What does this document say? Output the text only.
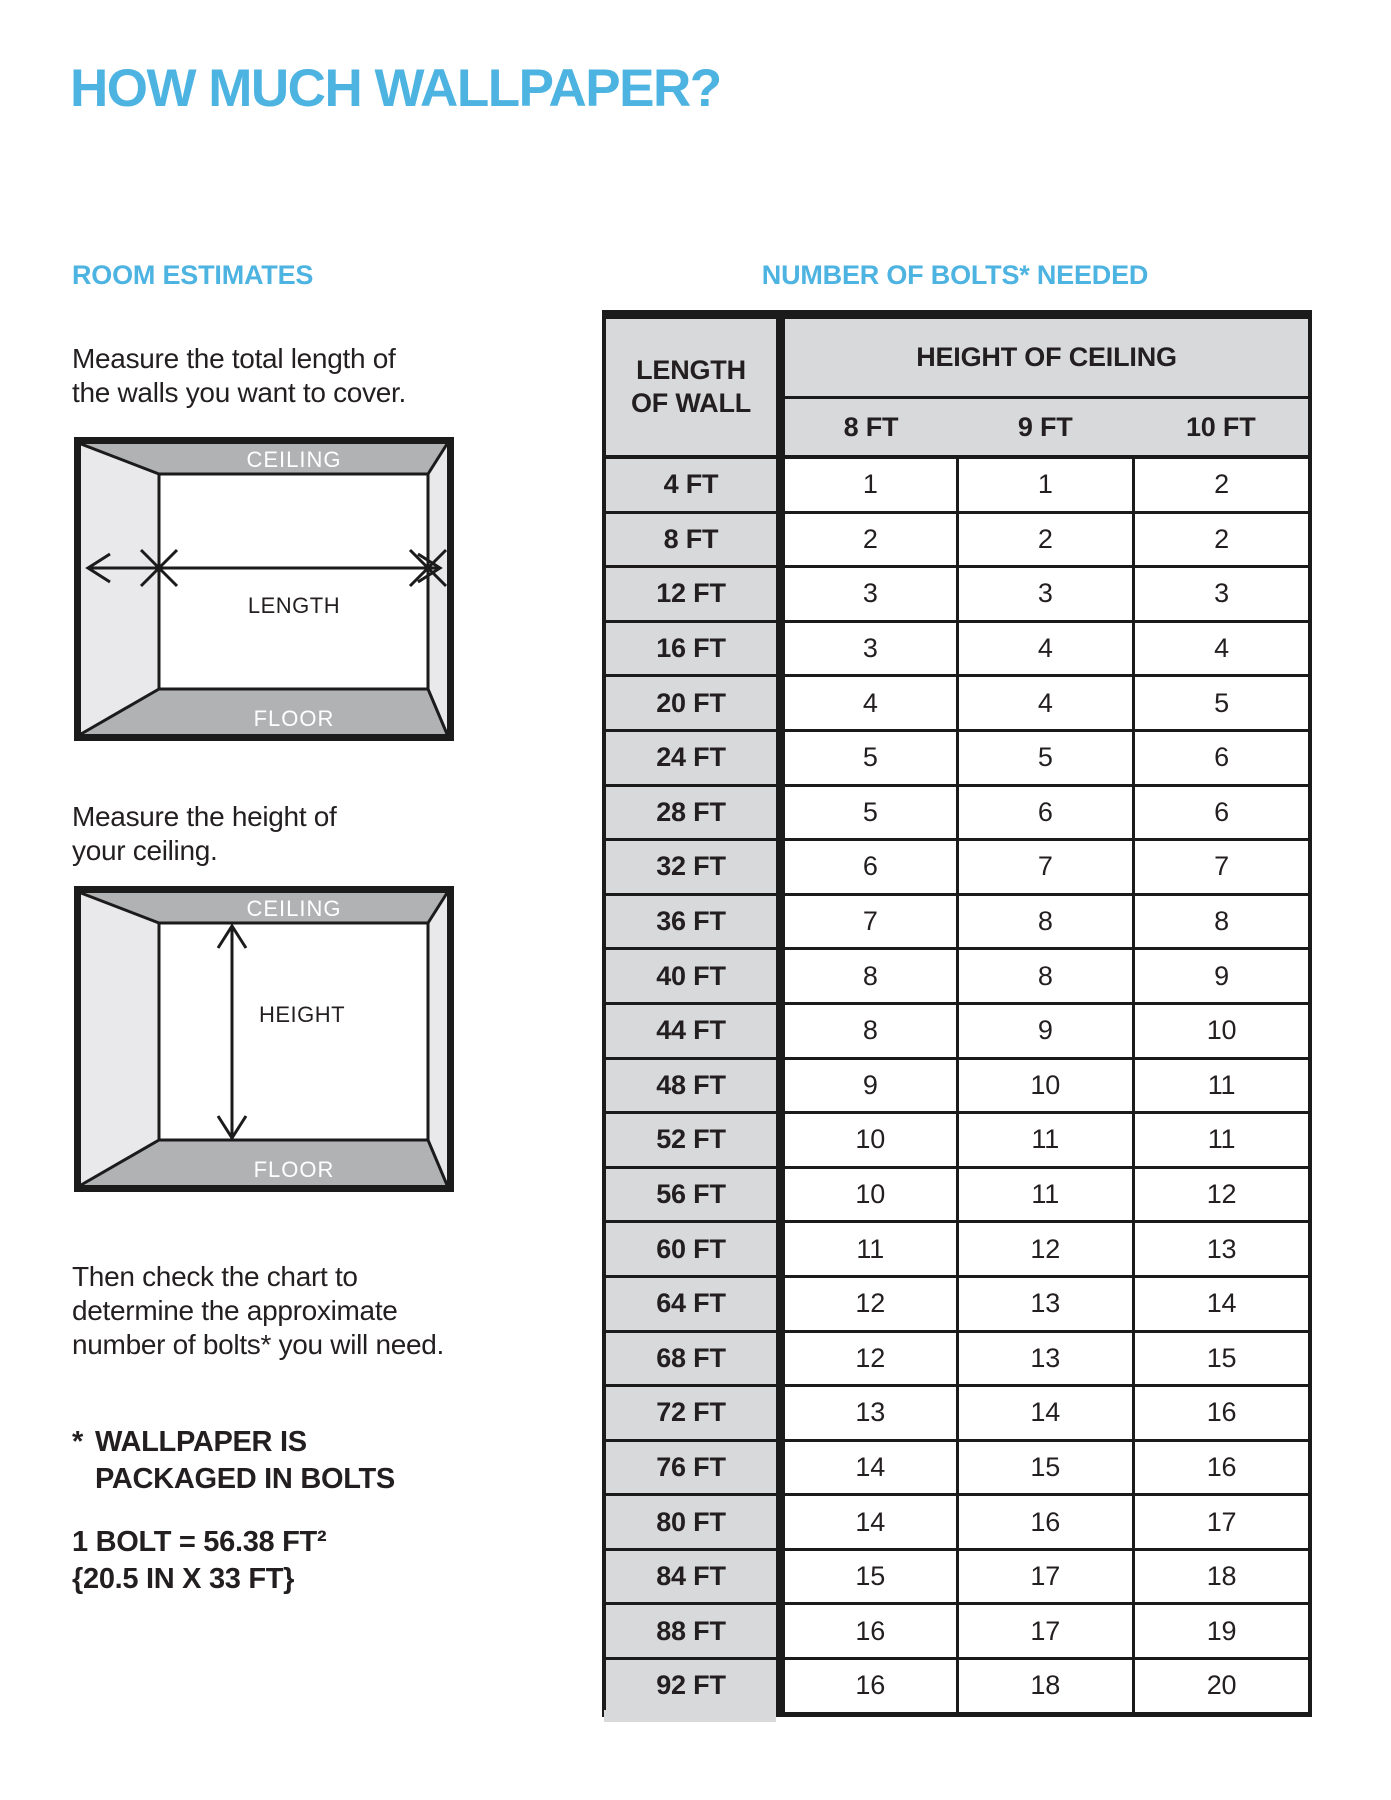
HOW MUCH WALLPAPER?
ROOM ESTIMATES	NUMBER OF BOLTS* NEEDED

Measure the total length of
the walls you want to cover.

CEILING
FLOOR
LENGTH

Measure the height of
your ceiling.

CEILING
FLOOR
HEIGHT

Then check the chart to
determine the approximate
number of bolts* you will need.

* WALLPAPER IS
PACKAGED IN BOLTS
1 BOLT = 56.38 FT²
{20.5 IN X 33 FT}
LENGTH
OF WALL	HEIGHT OF CEILING		
	8 FT	9 FT	10 FT
4 FT	1	1	2
8 FT	2	2	2
12 FT	3	3	3
16 FT	3	4	4
20 FT	4	4	5
24 FT	5	5	6
28 FT	5	6	6
32 FT	6	7	7
36 FT	7	8	8
40 FT	8	8	9
44 FT	8	9	10
48 FT	9	10	11
52 FT	10	11	11
56 FT	10	11	12
60 FT	11	12	13
64 FT	12	13	14
68 FT	12	13	15
72 FT	13	14	16
76 FT	14	15	16
80 FT	14	16	17
84 FT	15	17	18
88 FT	16	17	19
92 FT	16	18	20
